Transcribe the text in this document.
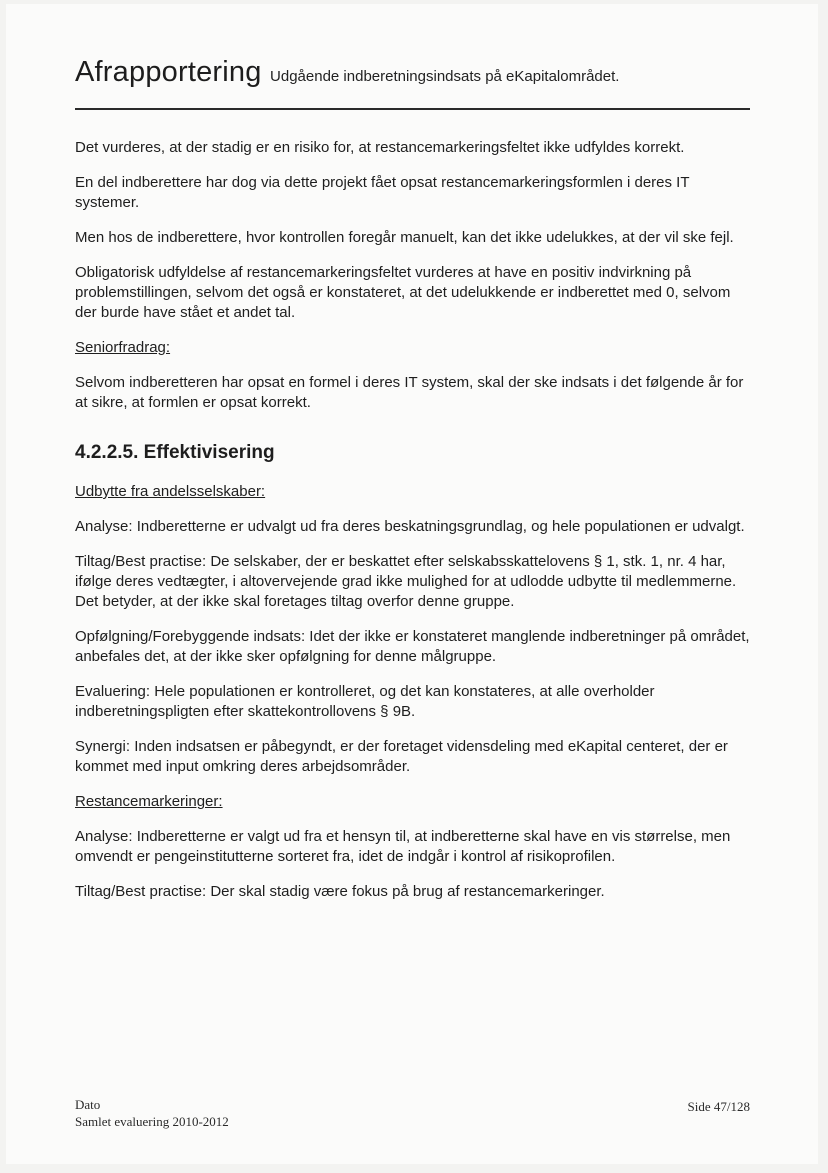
Afrapportering Udgående indberetningsindsats på eKapitalområdet.

Det vurderes, at der stadig er en risiko for, at restancemarkeringsfeltet ikke udfyldes korrekt.

En del indberettere har dog via dette projekt fået opsat restancemarkeringsformlen i deres IT systemer.

Men hos de indberettere, hvor kontrollen foregår manuelt, kan det ikke udelukkes, at der vil ske fejl.

Obligatorisk udfyldelse af restancemarkeringsfeltet vurderes at have en positiv indvirkning på problemstillingen, selvom det også er konstateret, at det udelukkende er indberettet med 0, selvom der burde have stået et andet tal.

Seniorfradrag:

Selvom indberetteren har opsat en formel i deres IT system, skal der ske indsats i det følgende år for at sikre, at formlen er opsat korrekt.

4.2.2.5. Effektivisering

Udbytte fra andelsselskaber:

Analyse: Indberetterne er udvalgt ud fra deres beskatningsgrundlag, og hele populationen er udvalgt.

Tiltag/Best practise: De selskaber, der er beskattet efter selskabsskattelovens § 1, stk. 1, nr. 4 har, ifølge deres vedtægter, i altovervejende grad ikke mulighed for at udlodde udbytte til medlemmerne. Det betyder, at der ikke skal foretages tiltag overfor denne gruppe.

Opfølgning/Forebyggende indsats: Idet der ikke er konstateret manglende indberetninger på området, anbefales det, at der ikke sker opfølgning for denne målgruppe.

Evaluering: Hele populationen er kontrolleret, og det kan konstateres, at alle overholder indberetningspligten efter skattekontrollovens § 9B.

Synergi: Inden indsatsen er påbegyndt, er der foretaget vidensdeling med eKapital centeret, der er kommet med input omkring deres arbejdsområder.

Restancemarkeringer:

Analyse: Indberetterne er valgt ud fra et hensyn til, at indberetterne skal have en vis størrelse, men omvendt er pengeinstitutterne sorteret fra, idet de indgår i kontrol af risikoprofilen.

Tiltag/Best practise: Der skal stadig være fokus på brug af restancemarkeringer.

Dato
Samlet evaluering 2010-2012
Side 47/128
